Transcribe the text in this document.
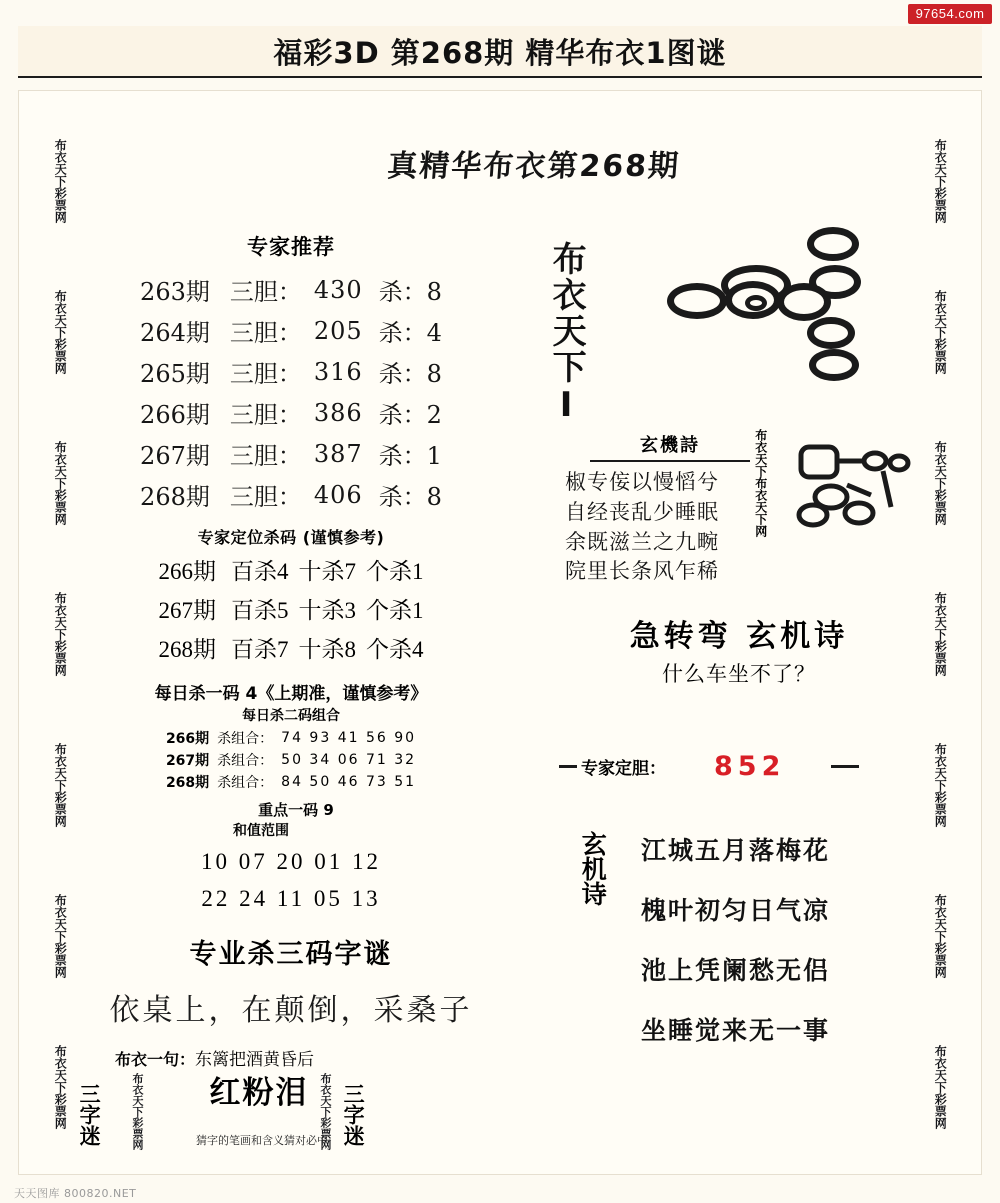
97654.com
福彩3D 第268期 精华布衣1图谜
布衣天下彩票网
布衣天下彩票网
布衣天下彩票网
布衣天下彩票网
布衣天下彩票网
布衣天下彩票网
布衣天下彩票网
布衣天下彩票网
布衣天下彩票网
布衣天下彩票网
布衣天下彩票网
布衣天下彩票网
布衣天下彩票网
布衣天下彩票网
真精华布衣第268期
专家推荐
263期	三胆：	430	杀：8
264期	三胆：	205	杀：4
265期	三胆：	316	杀：8
266期	三胆：	386	杀：2
267期	三胆：	387	杀：1
268期	三胆：	406	杀：8
专家定位杀码 (谨慎参考)
266期	百杀4	十杀7	个杀1
267期	百杀5	十杀3	个杀1
268期	百杀7	十杀8	个杀4
每日杀一码 4《上期准，谨慎参考》
每日杀二码组合
266期	杀组合：	74 93 41 56 90
267期	杀组合：	50 34 06 71 32
268期	杀组合：	84 50 46 73 51
重点一码 9
和值范围
10 07 20 01 12
22 24 11 05 13
专业杀三码字谜
依桌上，在颠倒，采桑子
布衣一句：东篱把酒黄昏后
三字迷	三字迷
布衣天下彩票网	布衣天下彩票网
红粉泪
猜字的笔画和含义猜对必中
布衣天下Ⅰ
玄機詩
椒专侫以慢慆兮
自经丧乱少睡眠
余既滋兰之九畹
院里长条风乍稀
布衣天下布衣天下网
急转弯 玄机诗
什么车坐不了？
专家定胆： 852
玄机诗 江城五月落梅花
槐叶初匀日气凉
池上凭阑愁无侣
坐睡觉来无一事
天天图库 800820.NET
